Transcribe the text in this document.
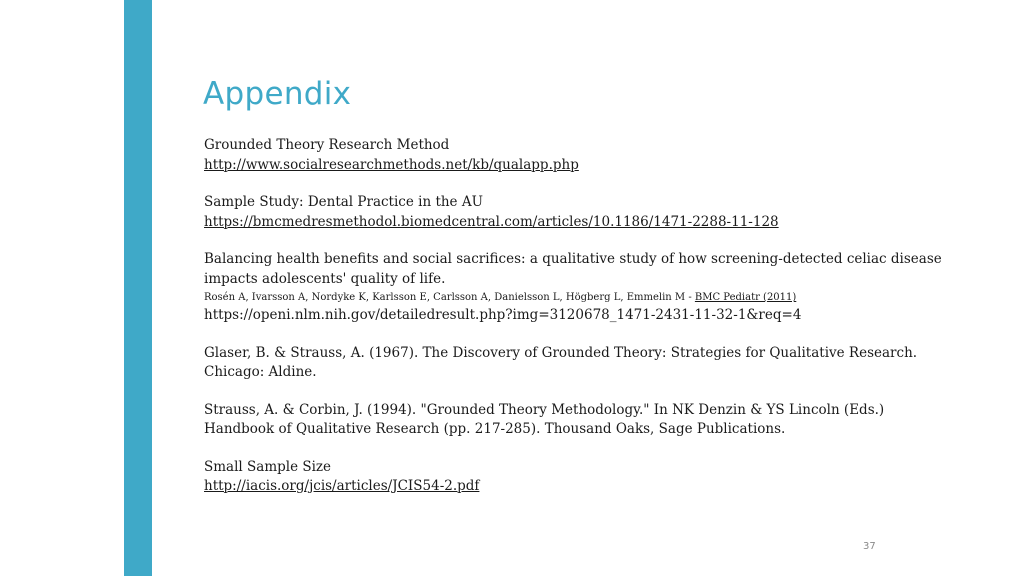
Appendix
Grounded Theory Research Method
http://www.socialresearchmethods.net/kb/qualapp.php
Sample Study: Dental Practice in the AU
https://bmcmedresmethodol.biomedcentral.com/articles/10.1186/1471-2288-11-128
Balancing health benefits and social sacrifices: a qualitative study of how screening-detected celiac disease
impacts adolescents' quality of life.
Rosén A, Ivarsson A, Nordyke K, Karlsson E, Carlsson A, Danielsson L, Högberg L, Emmelin M - BMC Pediatr (2011)
https://openi.nlm.nih.gov/detailedresult.php?img=3120678_1471-2431-11-32-1&req=4
Glaser, B. & Strauss, A. (1967). The Discovery of Grounded Theory: Strategies for Qualitative Research.
Chicago: Aldine.
Strauss, A. & Corbin, J. (1994). "Grounded Theory Methodology." In NK Denzin & YS Lincoln (Eds.)
Handbook of Qualitative Research (pp. 217-285). Thousand Oaks, Sage Publications.
Small Sample Size
http://iacis.org/jcis/articles/JCIS54-2.pdf
37
